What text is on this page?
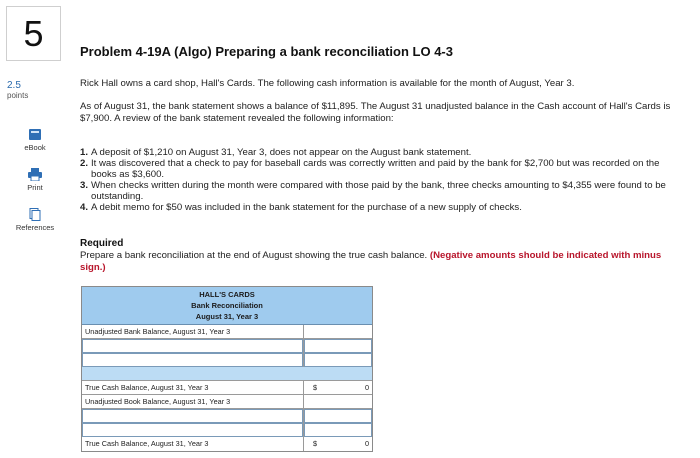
5
2.5
points
eBook
Print
References
Problem 4-19A (Algo) Preparing a bank reconciliation LO 4-3
Rick Hall owns a card shop, Hall's Cards. The following cash information is available for the month of August, Year 3.
As of August 31, the bank statement shows a balance of $11,895. The August 31 unadjusted balance in the Cash account of Hall's Cards is $7,900. A review of the bank statement revealed the following information:
1. A deposit of $1,210 on August 31, Year 3, does not appear on the August bank statement.
2. It was discovered that a check to pay for baseball cards was correctly written and paid by the bank for $2,700 but was recorded on the books as $3,600.
3. When checks written during the month were compared with those paid by the bank, three checks amounting to $4,355 were found to be outstanding.
4. A debit memo for $50 was included in the bank statement for the purchase of a new supply of checks.
Required
Prepare a bank reconciliation at the end of August showing the true cash balance. (Negative amounts should be indicated with minus sign.)
HALL'S CARDS
Bank Reconciliation
August 31, Year 3
Unadjusted Bank Balance, August 31, Year 3
True Cash Balance, August 31, Year 3	$	0
Unadjusted Book Balance, August 31, Year 3
True Cash Balance, August 31, Year 3	$	0
